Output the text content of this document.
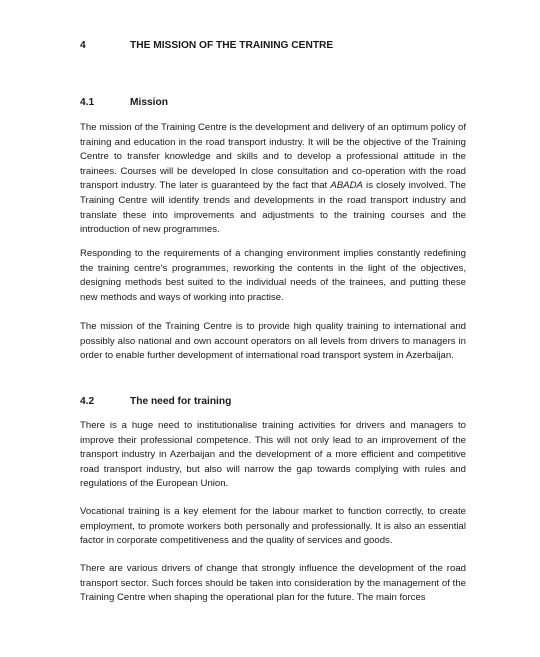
4	THE MISSION OF THE TRAINING CENTRE
4.1	Mission

The mission of the Training Centre is the development and delivery of an optimum policy of training and education in the road transport industry. It will be the objective of the Training Centre to transfer knowledge and skills and to develop a professional attitude in the trainees. Courses will be developed In close consultation and co-operation with the road transport industry. The later is guaranteed by the fact that ABADA is closely involved. The Training Centre will identify trends and developments in the road transport industry and translate these into improvements and adjustments to the training courses and the introduction of new programmes.

Responding to the requirements of a changing environment implies constantly redefining the training centre’s programmes, reworking the contents in the light of the objectives, designing methods best suited to the individual needs of the trainees, and putting these new methods and ways of working into practise.

The mission of the Training Centre is to provide high quality training to international and possibly also national and own account operators on all levels from drivers to managers in order to enable further development of international road transport system in Azerbaijan.

4.2	The need for training

There is a huge need to institutionalise training activities for drivers and managers to improve their professional competence. This will not only lead to an improvement of the transport industry in Azerbaijan and the development of a more efficient and competitive road transport industry, but also will narrow the gap towards complying with rules and regulations of the European Union.

Vocational training is a key element for the labour market to function correctly, to create employment, to promote workers both personally and professionally. It is also an essential factor in corporate competitiveness and the quality of services and goods.

There are various drivers of change that strongly influence the development of the road transport sector. Such forces should be taken into consideration by the management of the Training Centre when shaping the operational plan for the future. The main forces
